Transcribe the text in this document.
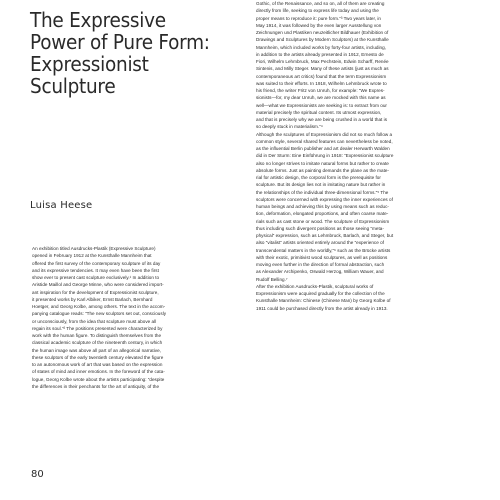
The Expressive
Power of Pure Form:
Expressionist
Sculpture

Luisa Heese

An exhibition titled Ausdrucks-Plastik (Expressive Sculpture)
opened in February 1912 at the Kunsthalle Mannheim that
offered the first survey of the contemporary sculpture of its day
and its expressive tendencies. It may even have been the first
show ever to present cast sculpture exclusively.¹ In addition to
Aristide Maillol and George Minne, who were considered import-
ant inspiration for the development of Expressionist sculpture,
it presented works by Karl Albiker, Ernst Barlach, Bernhard
Hoetger, and Georg Kolbe, among others. The text in the accom-
panying catalogue reads: “The new sculptors set out, consciously
or unconsciously, from the idea that sculpture must above all
regain its soul.”² The positions presented were characterized by
work with the human figure. To distinguish themselves from the
classical academic sculpture of the nineteenth century, in which
the human image was above all part of an allegorical narrative,
these sculptors of the early twentieth century elevated the figure
to an autonomous work of art that was based on the expression
of states of mind and inner emotions. In the foreword of the cata-
logue, Georg Kolbe wrote about the artists participating: “despite
the differences in their penchants for the art of antiquity, of the
Gothic, of the Renaissance, and so on, all of them are creating
directly from life, seeking to express life today and using the
proper means to reproduce it: pure form.”³ Two years later, in
May 1914, it was followed by the even larger Ausstellung von
Zeichnungen und Plastiken neuzeitlicher Bildhauer (Exhibition of
Drawings and Sculptures by Modern Sculptors) at the Kunsthalle
Mannheim, which included works by forty-four artists, including,
in addition to the artists already presented in 1912, Ernesto de
Fiori, Wilhelm Lehmbruck, Max Pechstein, Edwin Scharff, Renée
Sintenis, and Milly Steger. Many of these artists (just as much as
contemporaneous art critics) found that the term Expressionism
was suited to their efforts. In 1918, Wilhelm Lehmbruck wrote to
his friend, the writer Fritz von Unruh, for example: “We Expres-
sionists—for, my dear Unruh, we are mocked with this name as
well—what we Expressionists are seeking is: to extract from our
material precisely the spiritual content. Its utmost expression,
and that is precisely why we are being crushed in a world that is
so deeply stuck in materialism.”⁴
Although the sculptures of Expressionism did not so much follow a
common style, several shared features can nevertheless be noted,
as the influential Berlin publisher and art dealer Herwarth Walden
did in Der Sturm: Eine Einführung in 1918: “Expressionist sculpture
also no longer strives to imitate natural forms but rather to create
absolute forms. Just as painting demands the plane as the mate-
rial for artistic design, the corporal form is the prerequisite for
sculpture. But its design lies not in imitating nature but rather in
the relationships of the individual three-dimensional forms.”⁵ The
sculptors were concerned with expressing the inner experiences of
human beings and achieving this by using means such as reduc-
tion, deformation, elongated proportions, and often coarse mate-
rials such as cast stone or wood. The sculpture of Expressionism
thus including such divergent positions as those seeing “meta-
physical” expression, such as Lehmbruck, Barlach, and Steger, but
also “vitalist” artists oriented entirely around the “experience of
transcendental matters in the worldly,”⁶ such as the Brücke artists
with their exotic, primitivist wood sculptures, as well as positions
moving even further in the direction of formal abstraction, such
as Alexander Archipenko, Oswald Herzog, William Wauer, and
Rudolf Belling.⁷
After the exhibition Ausdrucks-Plastik, sculptural works of
Expressionism were acquired gradually for the collection of the
Kunsthalle Mannheim: Chinese (Chinese Man) by Georg Kolbe of
1911 could be purchased directly from the artist already in 1913.
80
